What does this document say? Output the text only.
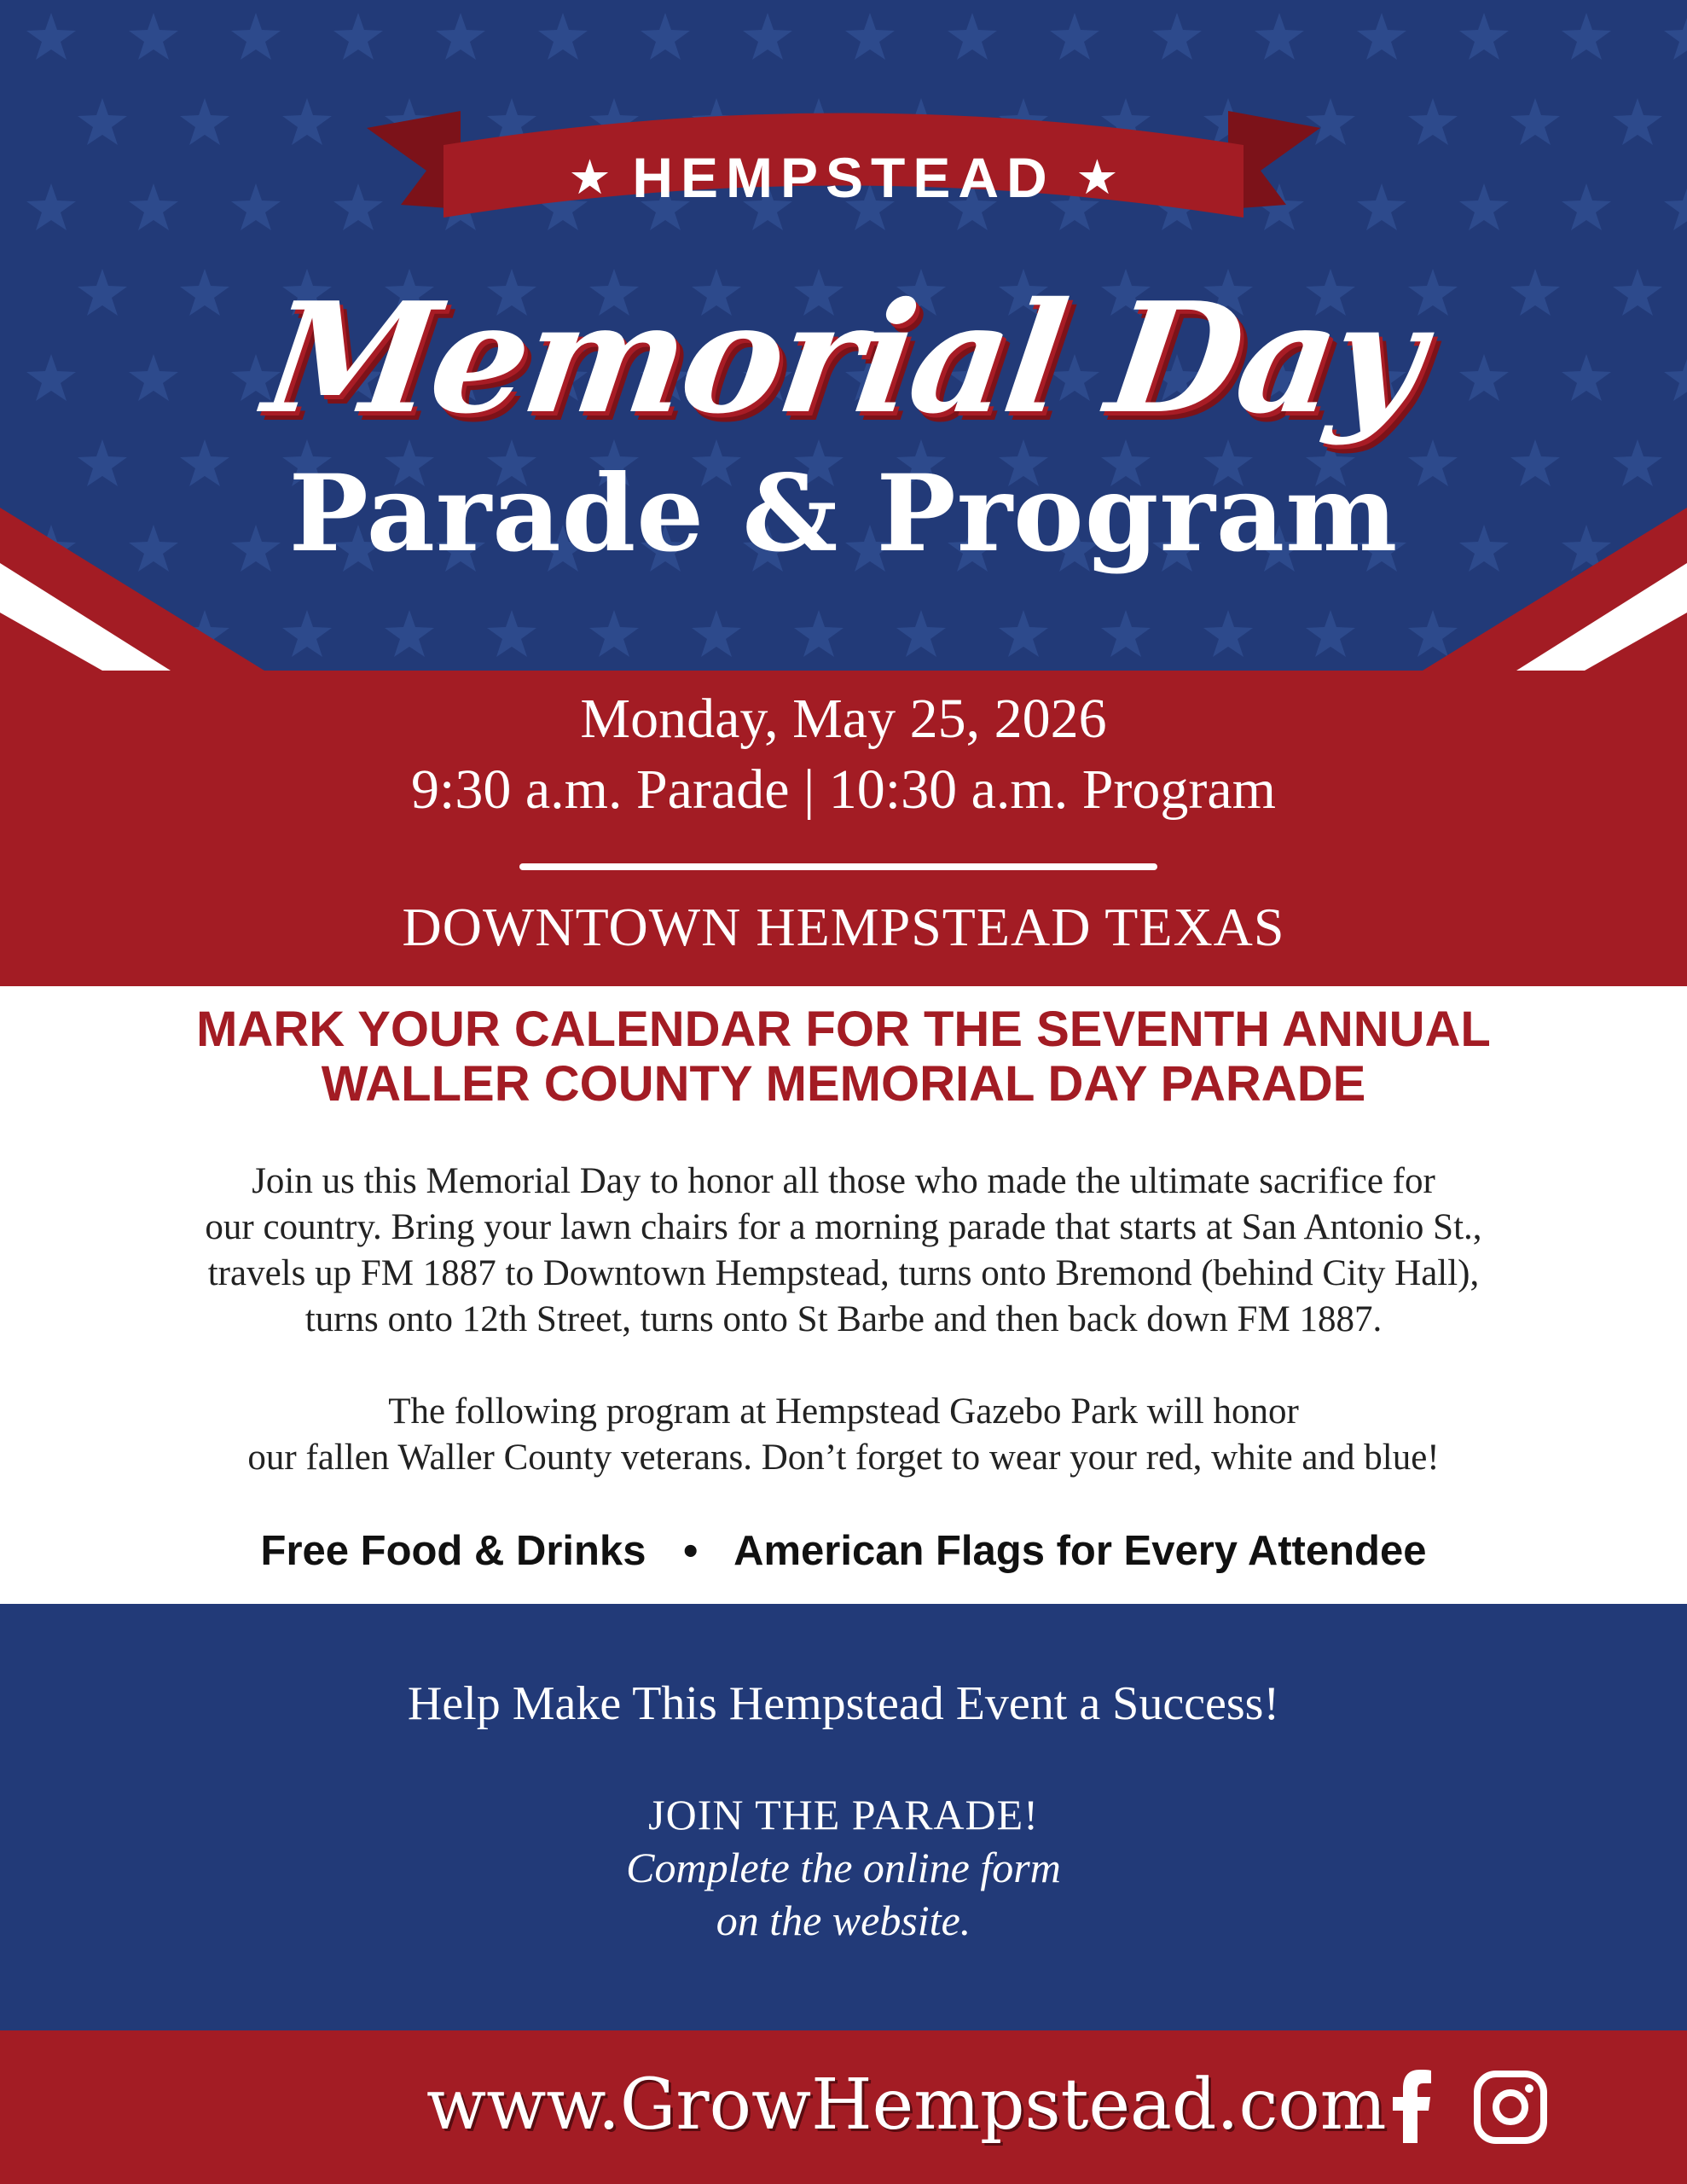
★ HEMPSTEAD ★
Memorial Day
Parade & Program
Monday, May 25, 2026
9:30 a.m. Parade | 10:30 a.m. Program
DOWNTOWN HEMPSTEAD TEXAS
MARK YOUR CALENDAR FOR THE SEVENTH ANNUAL
WALLER COUNTY MEMORIAL DAY PARADE
Join us this Memorial Day to honor all those who made the ultimate sacrifice for
our country. Bring your lawn chairs for a morning parade that starts at San Antonio St.,
travels up FM 1887 to Downtown Hempstead, turns onto Bremond (behind City Hall),
turns onto 12th Street, turns onto St Barbe and then back down FM 1887.
The following program at Hempstead Gazebo Park will honor
our fallen Waller County veterans. Don’t forget to wear your red, white and blue!
Free Food & Drinks • American Flags for Every Attendee
Help Make This Hempstead Event a Success!
JOIN THE PARADE!
Complete the online form
on the website.
www.GrowHempstead.com
